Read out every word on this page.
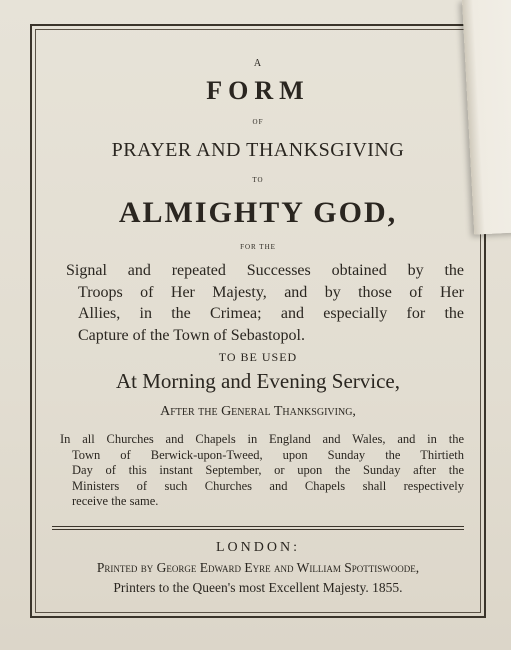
A
FORM
OF
PRAYER AND THANKSGIVING
TO
ALMIGHTY GOD,
FOR THE
Signal and repeated Successes obtained by the
Troops of Her Majesty, and by those of Her
Allies, in the Crimea; and especially for the
Capture of the Town of Sebastopol.
TO BE USED
At Morning and Evening Service,
After the General Thanksgiving,
In all Churches and Chapels in England and Wales, and in the
Town of Berwick-upon-Tweed, upon Sunday the Thirtieth
Day of this instant September, or upon the Sunday after the
Ministers of such Churches and Chapels shall respectively
receive the same.
LONDON:
Printed by George Edward Eyre and William Spottiswoode,
Printers to the Queen's most Excellent Majesty. 1855.
